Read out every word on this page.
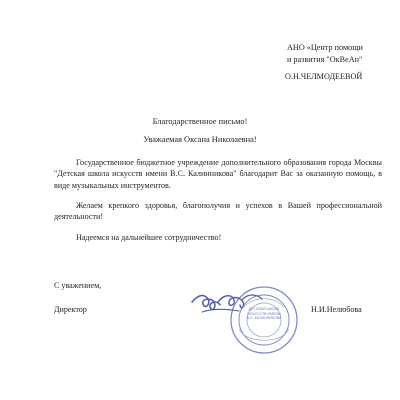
АНО «Центр помощи
и развития "ОкВеАн"
О.Н.ЧЕЛМОДЕЕВОЙ
Благодарственное письмо!
Уважаемая Оксана Николаевна!
Государственное бюджетное учреждение дополнительного образования города Москвы "Детская школа искусств имени В.С. Калинникова" благодарит Вас за оказанную помощь, в виде музыкальных инструментов.
Желаем крепкого здоровья, благополучия и успехов в Вашей профессиональной деятельности!
Надеемся на дальнейшее сотрудничество!
С уважением,
Директор	Н.И.Нелюбова
ДЕТСКАЯ ШКОЛА ИСКУССТВ ИМЕНИ В.С. КАЛИННИКОВА
